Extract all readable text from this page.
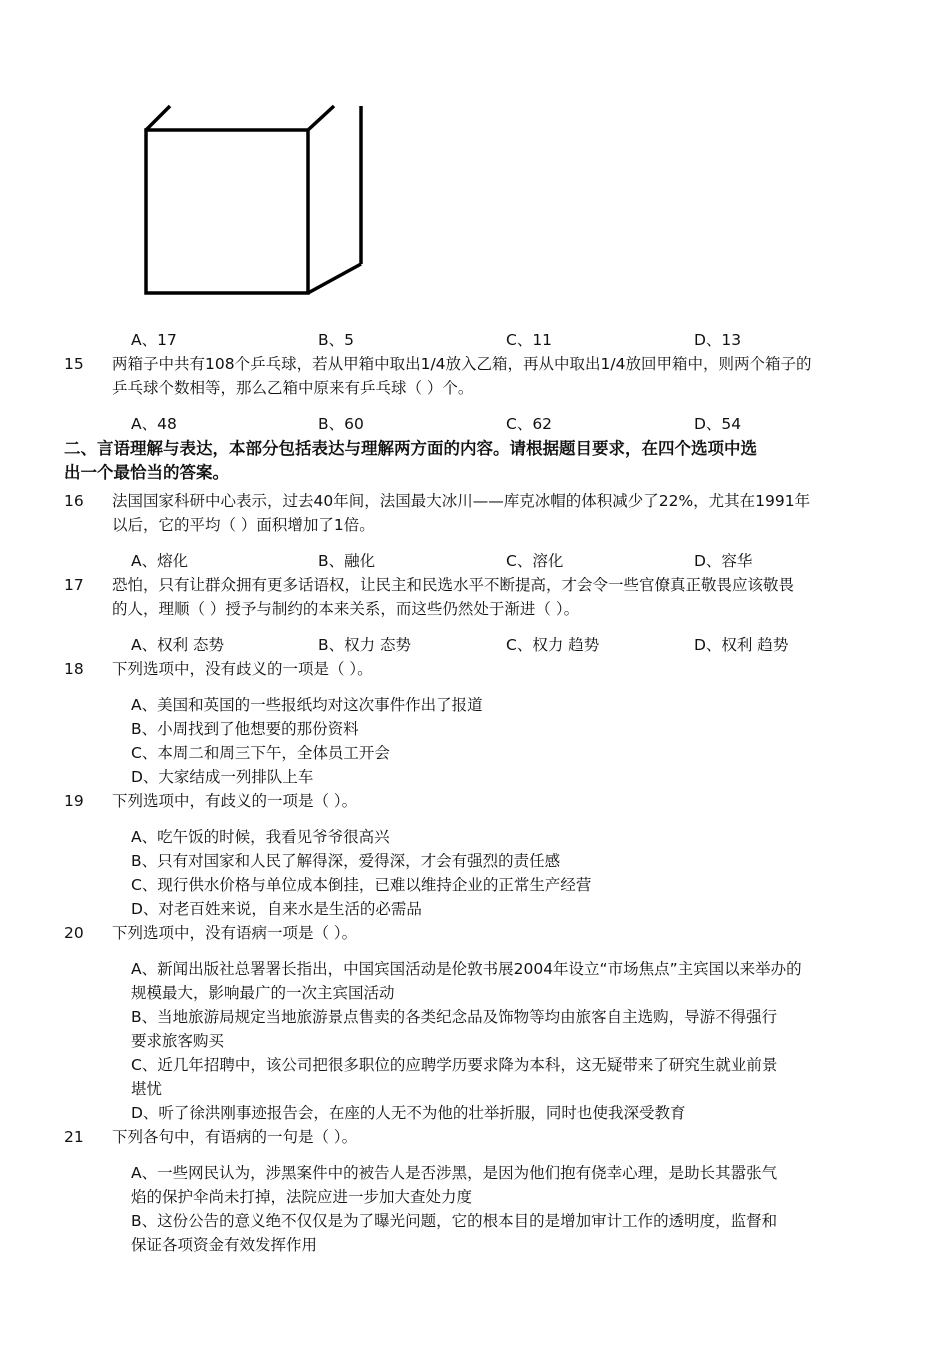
A、17	B、5	C、11	D、13
15 两箱子中共有108个乒乓球，若从甲箱中取出1/4放入乙箱，再从中取出1/4放回甲箱中，则两个箱子的
乒乓球个数相等，那么乙箱中原来有乒乓球（ ）个。
A、48	B、60	C、62	D、54
二、言语理解与表达，本部分包括表达与理解两方面的内容。请根据题目要求，在四个选项中选
出一个最恰当的答案。
16 法国国家科研中心表示，过去40年间，法国最大冰川——库克冰帽的体积减少了22%，尤其在1991年
以后，它的平均（ ）面积增加了1倍。
A、熔化	B、融化	C、溶化	D、容华
17 恐怕，只有让群众拥有更多话语权，让民主和民选水平不断提高，才会令一些官僚真正敬畏应该敬畏
的人，理顺（ ）授予与制约的本来关系，而这些仍然处于渐进（ ）。
A、权利 态势	B、权力 态势	C、权力 趋势	D、权利 趋势
18 下列选项中，没有歧义的一项是（ ）。
A、美国和英国的一些报纸均对这次事件作出了报道
B、小周找到了他想要的那份资料
C、本周二和周三下午，全体员工开会
D、大家结成一列排队上车
19 下列选项中，有歧义的一项是（ ）。
A、吃午饭的时候，我看见爷爷很高兴
B、只有对国家和人民了解得深，爱得深，才会有强烈的责任感
C、现行供水价格与单位成本倒挂，已难以维持企业的正常生产经营
D、对老百姓来说，自来水是生活的必需品
20 下列选项中，没有语病一项是（ ）。
A、新闻出版社总署署长指出，中国宾国活动是伦敦书展2004年设立“市场焦点”主宾国以来举办的
规模最大，影响最广的一次主宾国活动
B、当地旅游局规定当地旅游景点售卖的各类纪念品及饰物等均由旅客自主选购，导游不得强行
要求旅客购买
C、近几年招聘中，该公司把很多职位的应聘学历要求降为本科，这无疑带来了研究生就业前景
堪忧
D、听了徐洪刚事迹报告会，在座的人无不为他的壮举折服，同时也使我深受教育
21 下列各句中，有语病的一句是（ ）。
A、一些网民认为，涉黑案件中的被告人是否涉黑，是因为他们抱有侥幸心理，是助长其嚣张气
焰的保护伞尚未打掉，法院应进一步加大查处力度
B、这份公告的意义绝不仅仅是为了曝光问题，它的根本目的是增加审计工作的透明度，监督和
保证各项资金有效发挥作用
